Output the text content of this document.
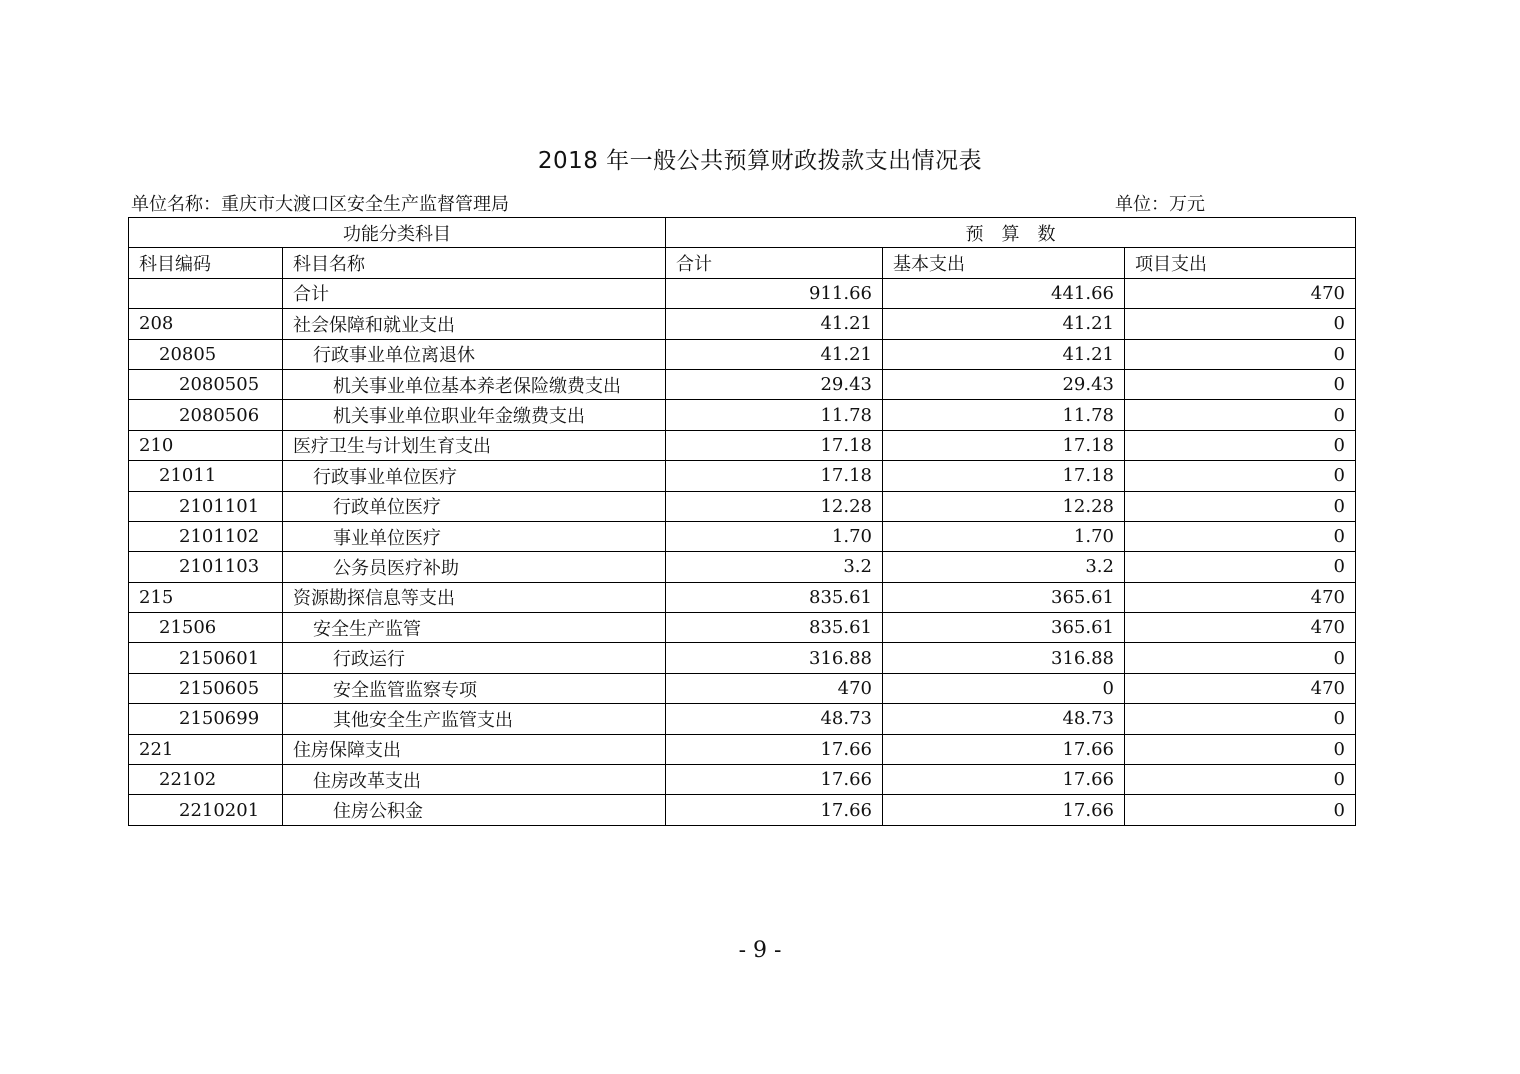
2018 年一般公共预算财政拨款支出情况表
单位名称：重庆市大渡口区安全生产监督管理局	单位：万元
功能分类科目		预　算　数		
科目编码	科目名称	合计	基本支出	项目支出
	合计	911.66	441.66	470
208	社会保障和就业支出	41.21	41.21	0
20805	行政事业单位离退休	41.21	41.21	0
2080505	机关事业单位基本养老保险缴费支出	29.43	29.43	0
2080506	机关事业单位职业年金缴费支出	11.78	11.78	0
210	医疗卫生与计划生育支出	17.18	17.18	0
21011	行政事业单位医疗	17.18	17.18	0
2101101	行政单位医疗	12.28	12.28	0
2101102	事业单位医疗	1.70	1.70	0
2101103	公务员医疗补助	3.2	3.2	0
215	资源勘探信息等支出	835.61	365.61	470
21506	安全生产监管	835.61	365.61	470
2150601	行政运行	316.88	316.88	0
2150605	安全监管监察专项	470	0	470
2150699	其他安全生产监管支出	48.73	48.73	0
221	住房保障支出	17.66	17.66	0
22102	住房改革支出	17.66	17.66	0
2210201	住房公积金	17.66	17.66	0
- 9 -
